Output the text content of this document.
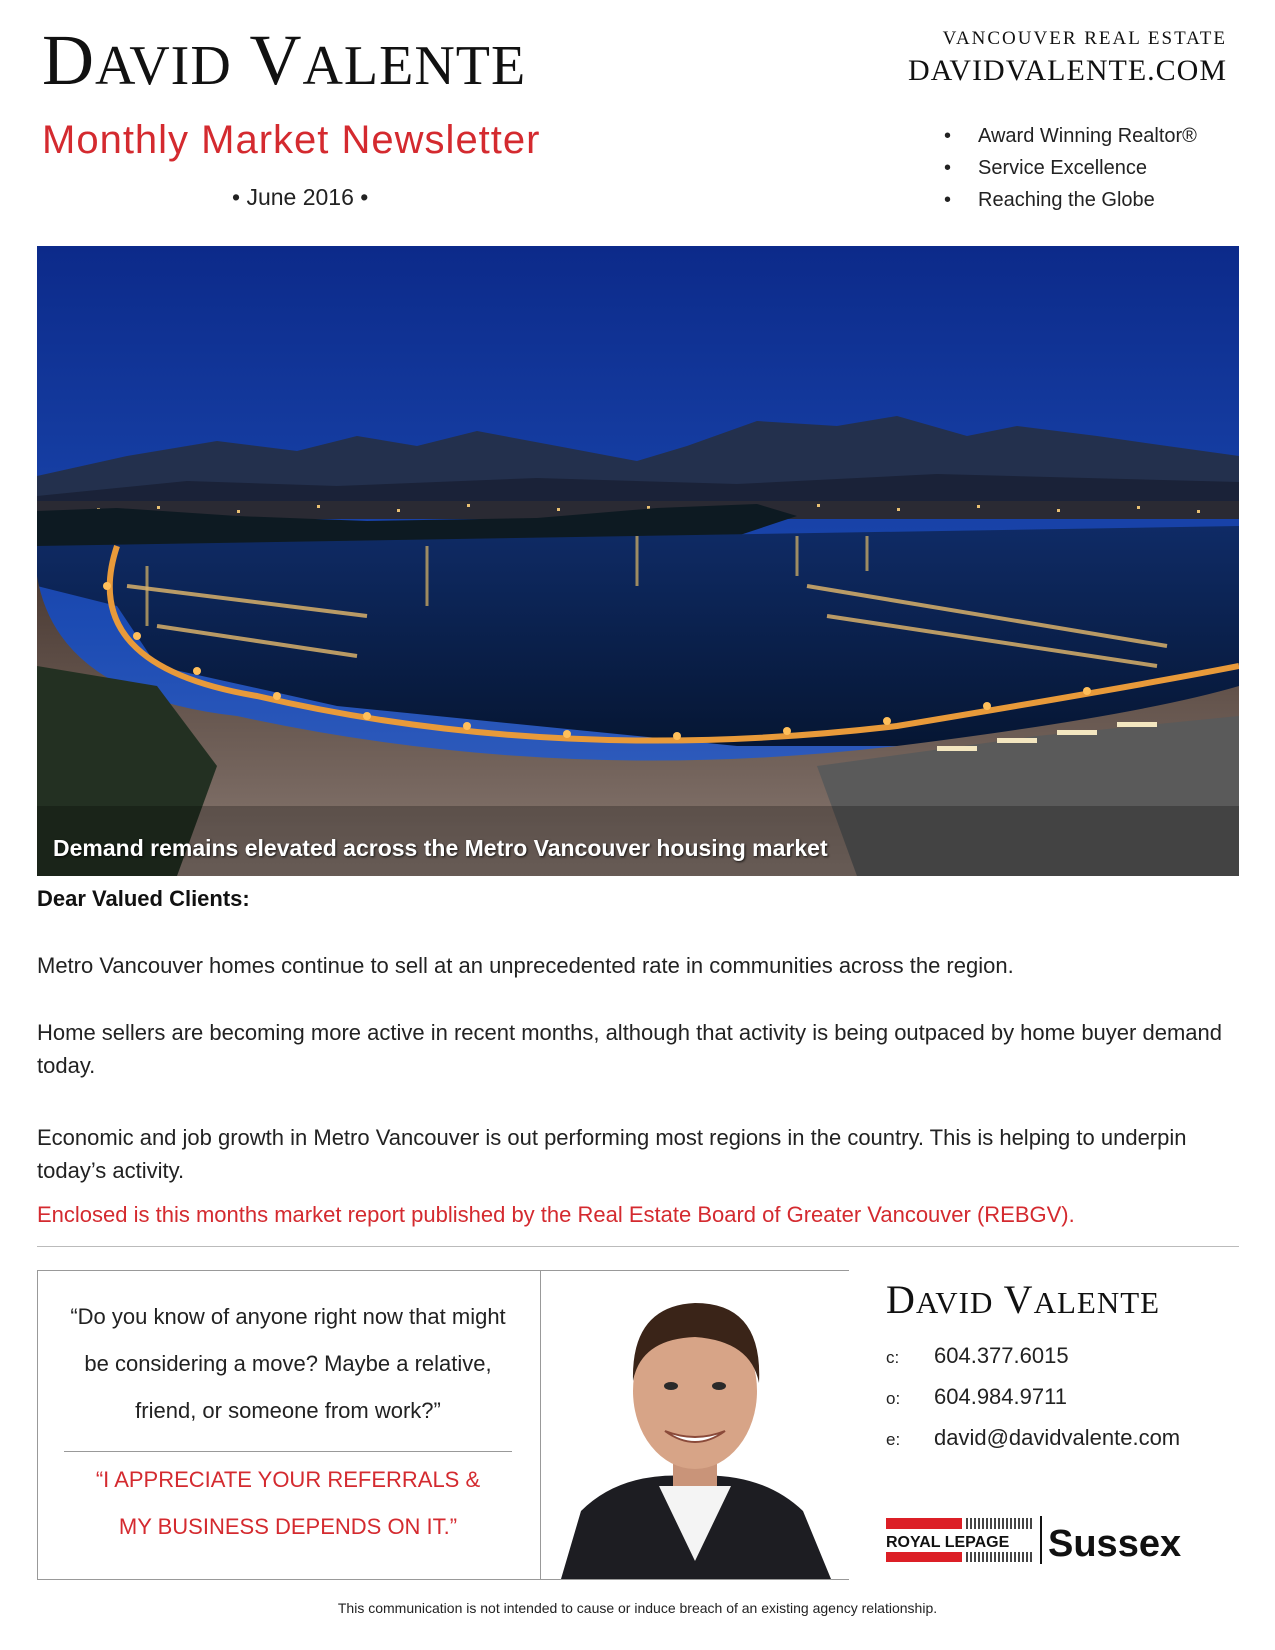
DAVID VALENTE
Monthly Market Newsletter
• June 2016 •
VANCOUVER REAL ESTATE
DAVIDVALENTE.COM
• Award Winning Realtor®
• Service Excellence
• Reaching the Globe
Demand remains elevated across the Metro Vancouver housing market
Dear Valued Clients:
Metro Vancouver homes continue to sell at an unprecedented rate in communities across the region.
Home sellers are becoming more active in recent months, although that activity is being outpaced by home buyer demand today.
Economic and job growth in Metro Vancouver is out performing most regions in the country. This is helping to underpin today’s activity.
Enclosed is this months market report published by the Real Estate Board of Greater Vancouver (REBGV).
“Do you know of anyone right now that might be considering a move? Maybe a relative, friend, or someone from work?”
“I APPRECIATE YOUR REFERRALS & MY BUSINESS DEPENDS ON IT.”
DAVID VALENTE
c: 604.377.6015
o: 604.984.9711
e: david@davidvalente.com
ROYAL LEPAGE Sussex
This communication is not intended to cause or induce breach of an existing agency relationship.
